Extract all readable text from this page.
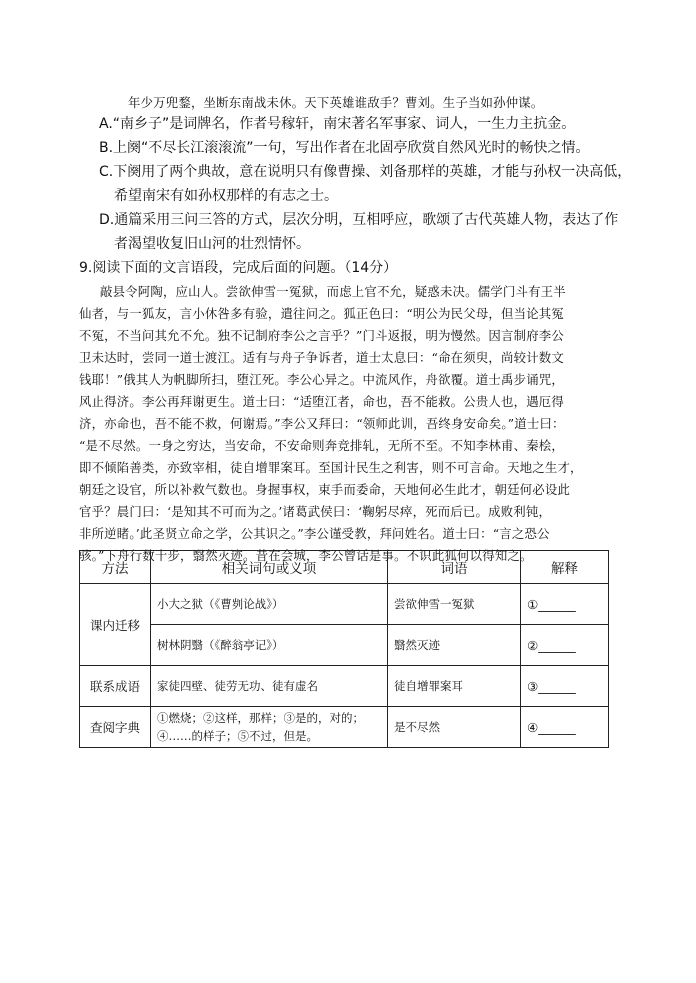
年少万兜鍪，坐断东南战未休。天下英雄谁敌手？曹刘。生子当如孙仲谋。
A.“南乡子”是词牌名，作者号稼轩，南宋著名军事家、词人，一生力主抗金。
B.上阕“不尽长江滚滚流”一句，写出作者在北固亭欣赏自然风光时的畅快之情。
C.下阕用了两个典故，意在说明只有像曹操、刘备那样的英雄，才能与孙权一决高低，
希望南宋有如孙权那样的有志之士。
D.通篇采用三问三答的方式，层次分明，互相呼应，歌颂了古代英雄人物，表达了作
者渴望收复旧山河的壮烈情怀。
9.阅读下面的文言语段，完成后面的问题。（14分）
敲县令阿陶，应山人。尝欲伸雪一冤狱，而虑上官不允，疑惑未决。儒学门斗有王半
仙者，与一狐友，言小休咎多有验，遣往问之。狐正色曰：“明公为民父母，但当论其冤
不冤，不当问其允不允。独不记制府李公之言乎？”门斗返报，明为慢然。因言制府李公
卫未达时，尝同一道士渡江。适有与舟子争诉者，道士太息曰：“命在须臾，尚较计数文
钱耶！”俄其人为帆脚所扫，堕江死。李公心异之。中流风作，舟欲覆。道士禹步诵咒，
风止得济。李公再拜谢更生。道士曰：“适堕江者，命也，吾不能救。公贵人也，遇厄得
济，亦命也，吾不能不救，何谢焉。”李公又拜曰：“领师此训，吾终身安命矣。”道士曰：
“是不尽然。一身之穷达，当安命，不安命则奔竞排轧，无所不至。不知李林甫、秦桧，
即不倾陷善类，亦致宰相，徒自增罪案耳。至国计民生之利害，则不可言命。天地之生才，
朝廷之设官，所以补救气数也。身握事权，束手而委命，天地何必生此才，朝廷何必设此
官乎？晨门曰：‘是知其不可而为之。’诸葛武侯曰：‘鞠躬尽瘁，死而后已。成败利钝，
非所逆睹。’此圣贤立命之学，公其识之。”李公谨受教，拜问姓名。道士曰：“言之恐公
骇。”下舟行数十步，翳然灭迹。昔在会城，李公曾话是事。不识此狐何以得知之。
方法	相关词句或义项	词语	解释
课内迁移	小大之狱（《曹刿论战》）	尝欲伸雪一冤狱	①______
	树林阴翳（《醉翁亭记》）	翳然灭迹	②______
联系成语	家徒四壁、徒劳无功、徒有虚名	徒自增罪案耳	③______
查阅字典	①燃烧；②这样，那样；③是的，对的；④……的样子；⑤不过，但是。	是不尽然	④______
